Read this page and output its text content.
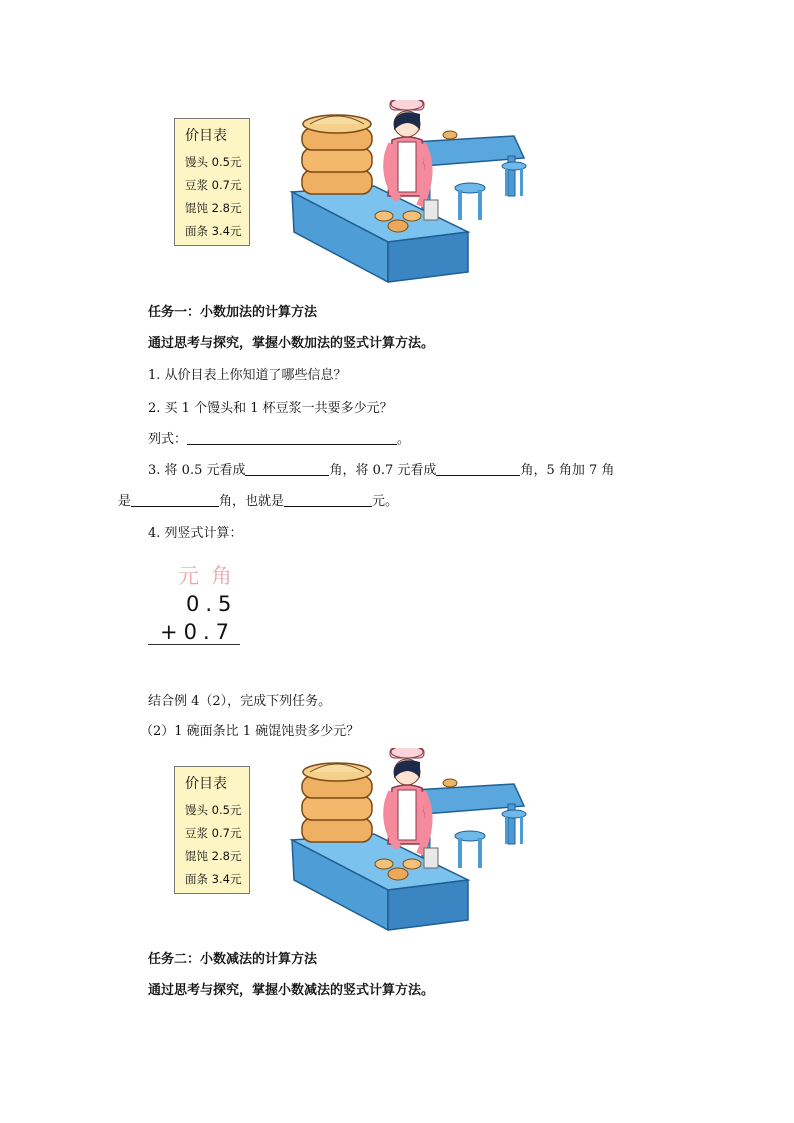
价目表
馒头 0.5元
豆浆 0.7元
馄饨 2.8元
面条 3.4元
任务一：小数加法的计算方法
通过思考与探究，掌握小数加法的竖式计算方法。
1. 从价目表上你知道了哪些信息？
2. 买 1 个馒头和 1 杯豆浆一共要多少元？
列式：	。
3. 将 0.5 元看成	角，将 0.7 元看成	角，5 角加 7 角
是	角，也就是	元。
4. 列竖式计算：
元角
0.5
+0.7
结合例 4（2），完成下列任务。
（2）1 碗面条比 1 碗馄饨贵多少元？
价目表
馒头 0.5元
豆浆 0.7元
馄饨 2.8元
面条 3.4元
任务二：小数减法的计算方法
通过思考与探究，掌握小数减法的竖式计算方法。
